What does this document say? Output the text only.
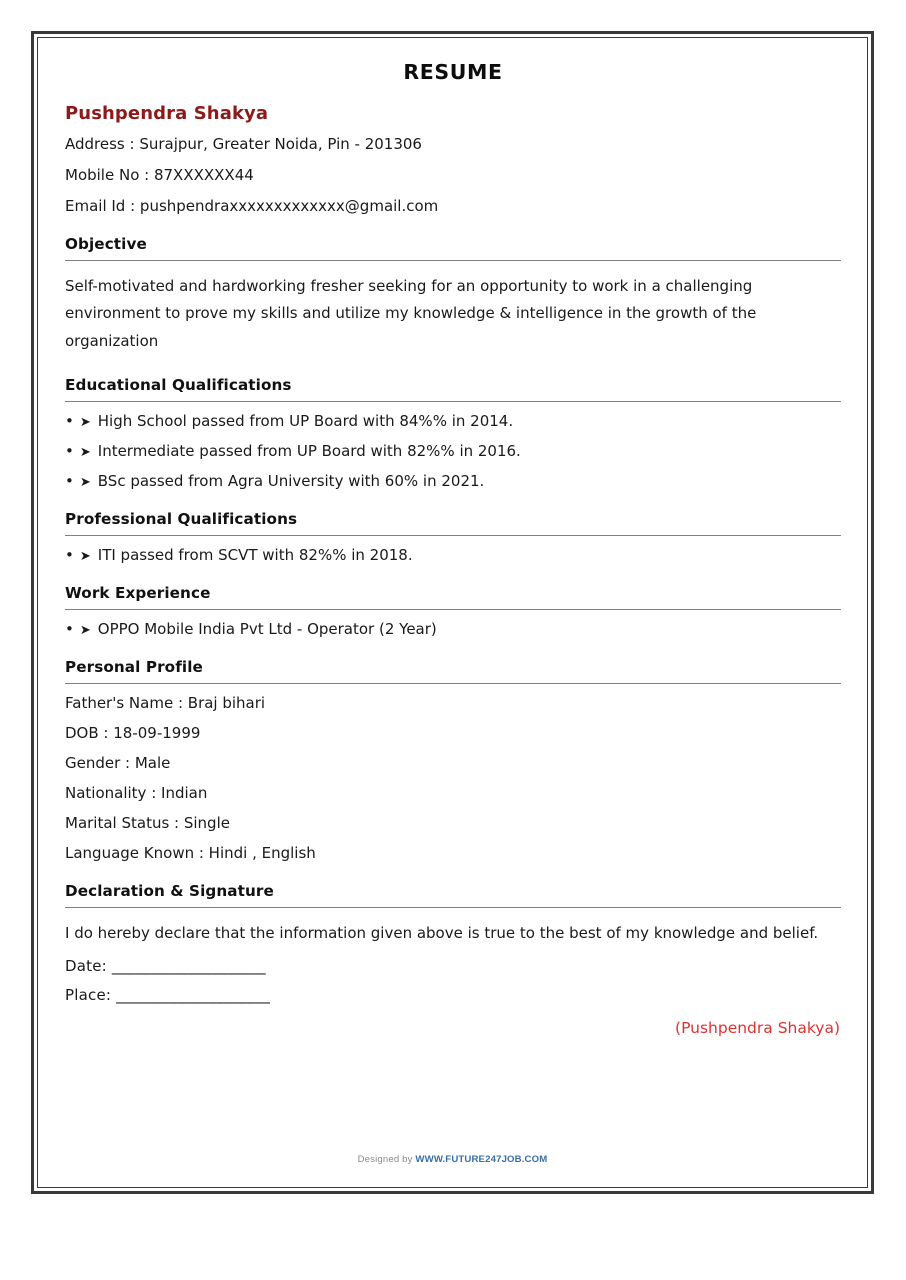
RESUME
Pushpendra Shakya
Address : Surajpur, Greater Noida, Pin - 201306
Mobile No : 87XXXXXX44
Email Id : pushpendraxxxxxxxxxxxxx@gmail.com
Objective

Self-motivated and hardworking fresher seeking for an opportunity to work in a challenging environment to prove my skills and utilize my knowledge & intelligence in the growth of the organization

Educational Qualifications
• ➤ High School passed from UP Board with 84%% in 2014.
• ➤ Intermediate passed from UP Board with 82%% in 2016.
• ➤ BSc passed from Agra University with 60% in 2021.
Professional Qualifications
• ➤ ITI passed from SCVT with 82%% in 2018.
Work Experience
• ➤ OPPO Mobile India Pvt Ltd - Operator (2 Year)
Personal Profile
Father's Name : Braj bihari
DOB : 18-09-1999
Gender : Male
Nationality : Indian
Marital Status : Single
Language Known : Hindi , English
Declaration & Signature

I do hereby declare that the information given above is true to the best of my knowledge and belief.

Date: ____________________
Place: ____________________
(Pushpendra Shakya)
Designed by WWW.FUTURE247JOB.COM
